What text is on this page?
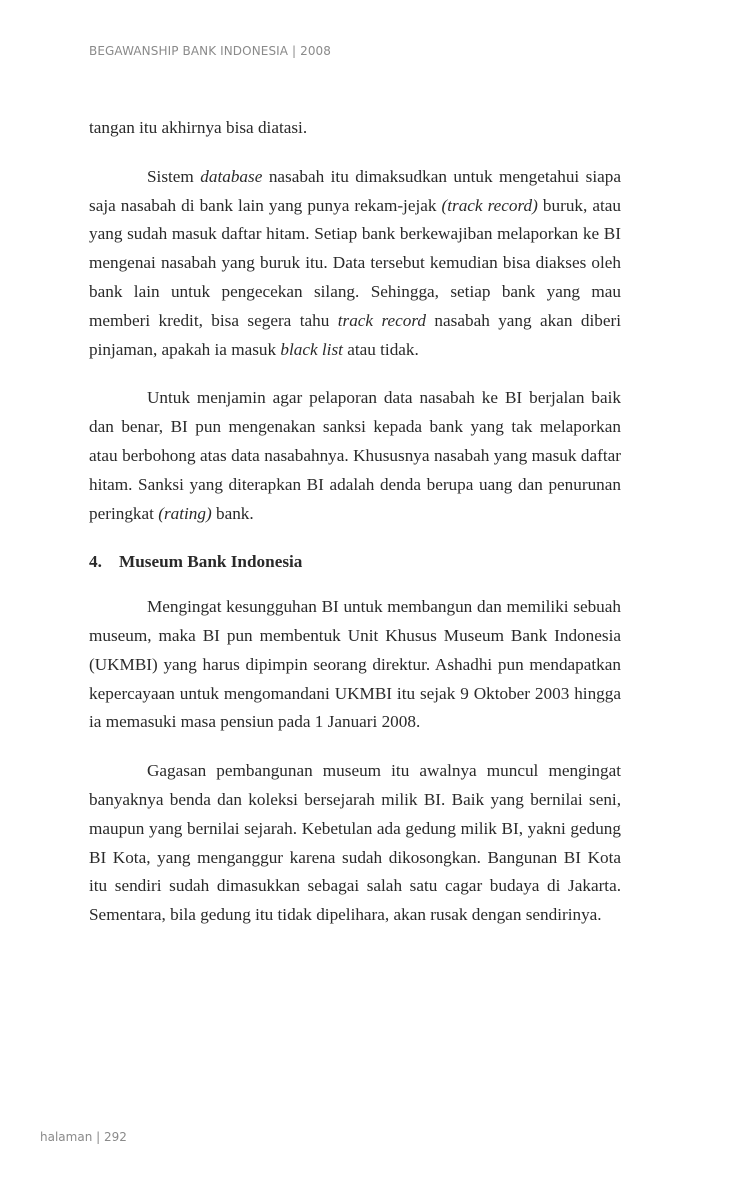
BEGAWANSHIP BANK INDONESIA | 2008

tangan itu akhirnya bisa diatasi.

Sistem database nasabah itu dimaksudkan untuk mengetahui siapa saja nasabah di bank lain yang punya rekam-jejak (track record) buruk, atau yang sudah masuk daftar hitam. Setiap bank berkewajiban melaporkan ke BI mengenai nasabah yang buruk itu. Data tersebut kemudian bisa diakses oleh bank lain untuk pengecekan silang. Sehingga, setiap bank yang mau memberi kredit, bisa segera tahu track record nasabah yang akan diberi pinjaman, apakah ia masuk black list atau tidak.

Untuk menjamin agar pelaporan data nasabah ke BI berjalan baik dan benar, BI pun mengenakan sanksi kepada bank yang tak melaporkan atau berbohong atas data nasabahnya. Khususnya nasabah yang masuk daftar hitam. Sanksi yang diterapkan BI adalah denda berupa uang dan penurunan peringkat (rating) bank.

4. Museum Bank Indonesia

Mengingat kesungguhan BI untuk membangun dan memiliki sebuah museum, maka BI pun membentuk Unit Khusus Museum Bank Indonesia (UKMBI) yang harus dipimpin seorang direktur. Ashadhi pun mendapatkan kepercayaan untuk mengomandani UKMBI itu sejak 9 Oktober 2003 hingga ia memasuki masa pensiun pada 1 Januari 2008.

Gagasan pembangunan museum itu awalnya muncul mengingat banyaknya benda dan koleksi bersejarah milik BI. Baik yang bernilai seni, maupun yang bernilai sejarah. Kebetulan ada gedung milik BI, yakni gedung BI Kota, yang menganggur karena sudah dikosongkan. Bangunan BI Kota itu sendiri sudah dimasukkan sebagai salah satu cagar budaya di Jakarta. Sementara, bila gedung itu tidak dipelihara, akan rusak dengan sendirinya.

halaman | 292
